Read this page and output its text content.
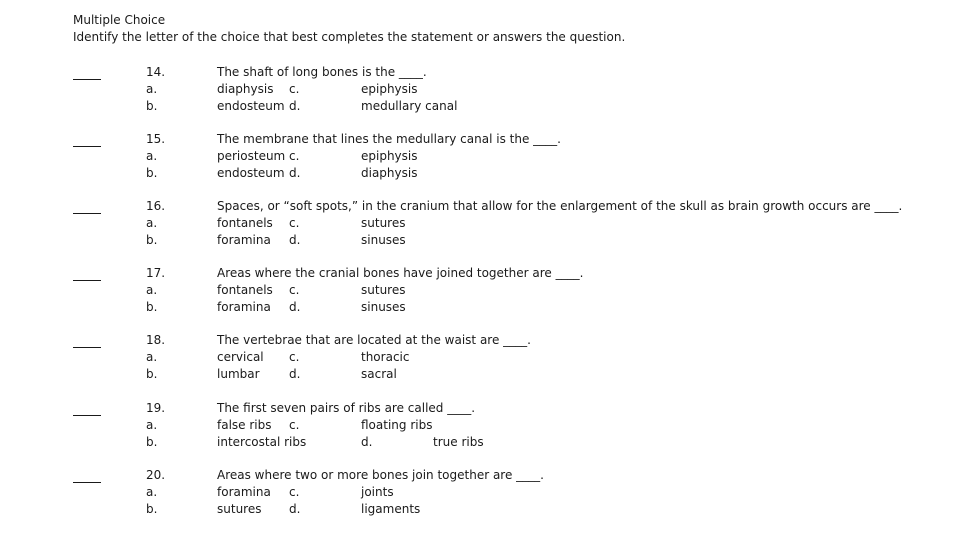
Multiple Choice
Identify the letter of the choice that best completes the statement or answers the question.
14.
a.
b.
The shaft of long bones is the ____.
diaphysis c.	epiphysis
endosteum d.	medullary canal
15.
a.
b.
The membrane that lines the medullary canal is the ____.
periosteum c.	epiphysis
endosteum d.	diaphysis
16.
a.
b.
Spaces, or “soft spots,” in the cranium that allow for the enlargement of the skull as brain growth occurs are ____.
fontanels c.	sutures
foramina d.	sinuses
17.
a.
b.
Areas where the cranial bones have joined together are ____.
fontanels c.	sutures
foramina d.	sinuses
18.
a.
b.
The vertebrae that are located at the waist are ____.
cervical c.	thoracic
lumbar d.	sacral
19.
a.
b.
The first seven pairs of ribs are called ____.
false ribs c.	floating ribs
intercostal ribs	d.	true ribs
20.
a.
b.
Areas where two or more bones join together are ____.
foramina c.	joints
sutures d.	ligaments
